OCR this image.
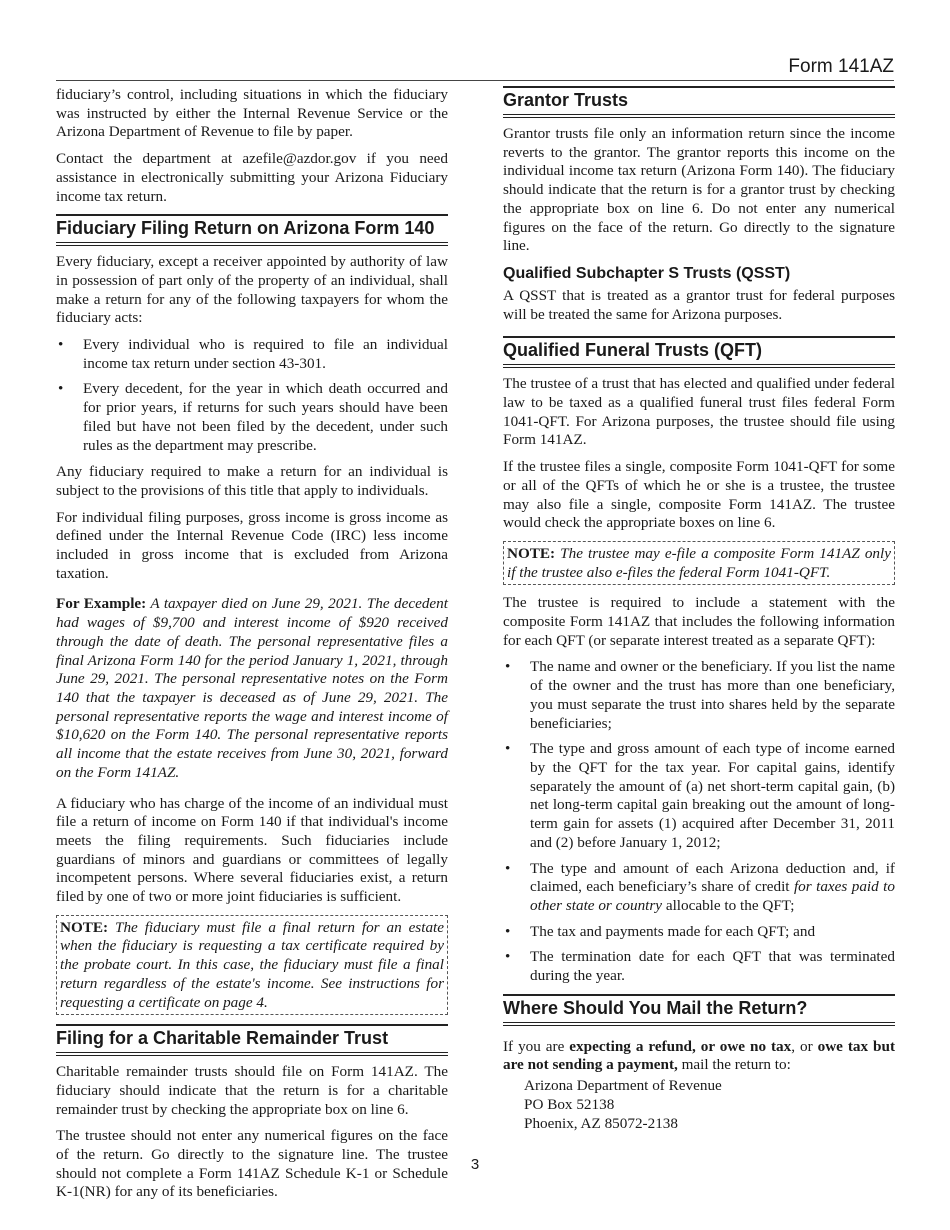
Form 141AZ

fiduciary’s control, including situations in which the fiduciary was instructed by either the Internal Revenue Service or the Arizona Department of Revenue to file by paper.

Contact the department at azefile@azdor.gov if you need assistance in electronically submitting your Arizona Fiduciary income tax return.

Fiduciary Filing Return on Arizona Form 140

Every fiduciary, except a receiver appointed by authority of law in possession of part only of the property of an individual, shall make a return for any of the following taxpayers for whom the fiduciary acts:

• Every individual who is required to file an individual income tax return under section 43-301.
• Every decedent, for the year in which death occurred and for prior years, if returns for such years should have been filed but have not been filed by the decedent, under such rules as the department may prescribe.

Any fiduciary required to make a return for an individual is subject to the provisions of this title that apply to individuals.

For individual filing purposes, gross income is gross income as defined under the Internal Revenue Code (IRC) less income included in gross income that is excluded from Arizona taxation.

For Example: A taxpayer died on June 29, 2021. The decedent had wages of $9,700 and interest income of $920 received through the date of death. The personal representative files a final Arizona Form 140 for the period January 1, 2021, through June 29, 2021. The personal representative notes on the Form 140 that the taxpayer is deceased as of June 29, 2021. The personal representative reports the wage and interest income of $10,620 on the Form 140. The personal representative reports all income that the estate receives from June 30, 2021, forward on the Form 141AZ.

A fiduciary who has charge of the income of an individual must file a return of income on Form 140 if that individual's income meets the filing requirements. Such fiduciaries include guardians of minors and guardians or committees of legally incompetent persons. Where several fiduciaries exist, a return filed by one of two or more joint fiduciaries is sufficient.

NOTE: The fiduciary must file a final return for an estate when the fiduciary is requesting a tax certificate required by the probate court. In this case, the fiduciary must file a final return regardless of the estate's income. See instructions for requesting a certificate on page 4.

Filing for a Charitable Remainder Trust

Charitable remainder trusts should file on Form 141AZ. The fiduciary should indicate that the return is for a charitable remainder trust by checking the appropriate box on line 6.

The trustee should not enter any numerical figures on the face of the return. Go directly to the signature line. The trustee should not complete a Form 141AZ Schedule K-1 or Schedule K-1(NR) for any of its beneficiaries.

Grantor Trusts

Grantor trusts file only an information return since the income reverts to the grantor. The grantor reports this income on the individual income tax return (Arizona Form 140). The fiduciary should indicate that the return is for a grantor trust by checking the appropriate box on line 6. Do not enter any numerical figures on the face of the return. Go directly to the signature line.

Qualified Subchapter S Trusts (QSST)

A QSST that is treated as a grantor trust for federal purposes will be treated the same for Arizona purposes.

Qualified Funeral Trusts (QFT)

The trustee of a trust that has elected and qualified under federal law to be taxed as a qualified funeral trust files federal Form 1041-QFT. For Arizona purposes, the trustee should file using Form 141AZ.

If the trustee files a single, composite Form 1041-QFT for some or all of the QFTs of which he or she is a trustee, the trustee may also file a single, composite Form 141AZ. The trustee would check the appropriate boxes on line 6.

NOTE: The trustee may e-file a composite Form 141AZ only if the trustee also e-files the federal Form 1041-QFT.

The trustee is required to include a statement with the composite Form 141AZ that includes the following information for each QFT (or separate interest treated as a separate QFT):

• The name and owner or the beneficiary. If you list the name of the owner and the trust has more than one beneficiary, you must separate the trust into shares held by the separate beneficiaries;
• The type and gross amount of each type of income earned by the QFT for the tax year. For capital gains, identify separately the amount of (a) net short-term capital gain, (b) net long-term capital gain breaking out the amount of long-term gain for assets (1) acquired after December 31, 2011 and (2) before January 1, 2012;
• The type and amount of each Arizona deduction and, if claimed, each beneficiary’s share of credit for taxes paid to other state or country allocable to the QFT;
• The tax and payments made for each QFT; and
• The termination date for each QFT that was terminated during the year.
Where Should You Mail the Return?

If you are expecting a refund, or owe no tax, or owe tax but are not sending a payment, mail the return to:

Arizona Department of Revenue
PO Box 52138
Phoenix, AZ 85072-2138
3
